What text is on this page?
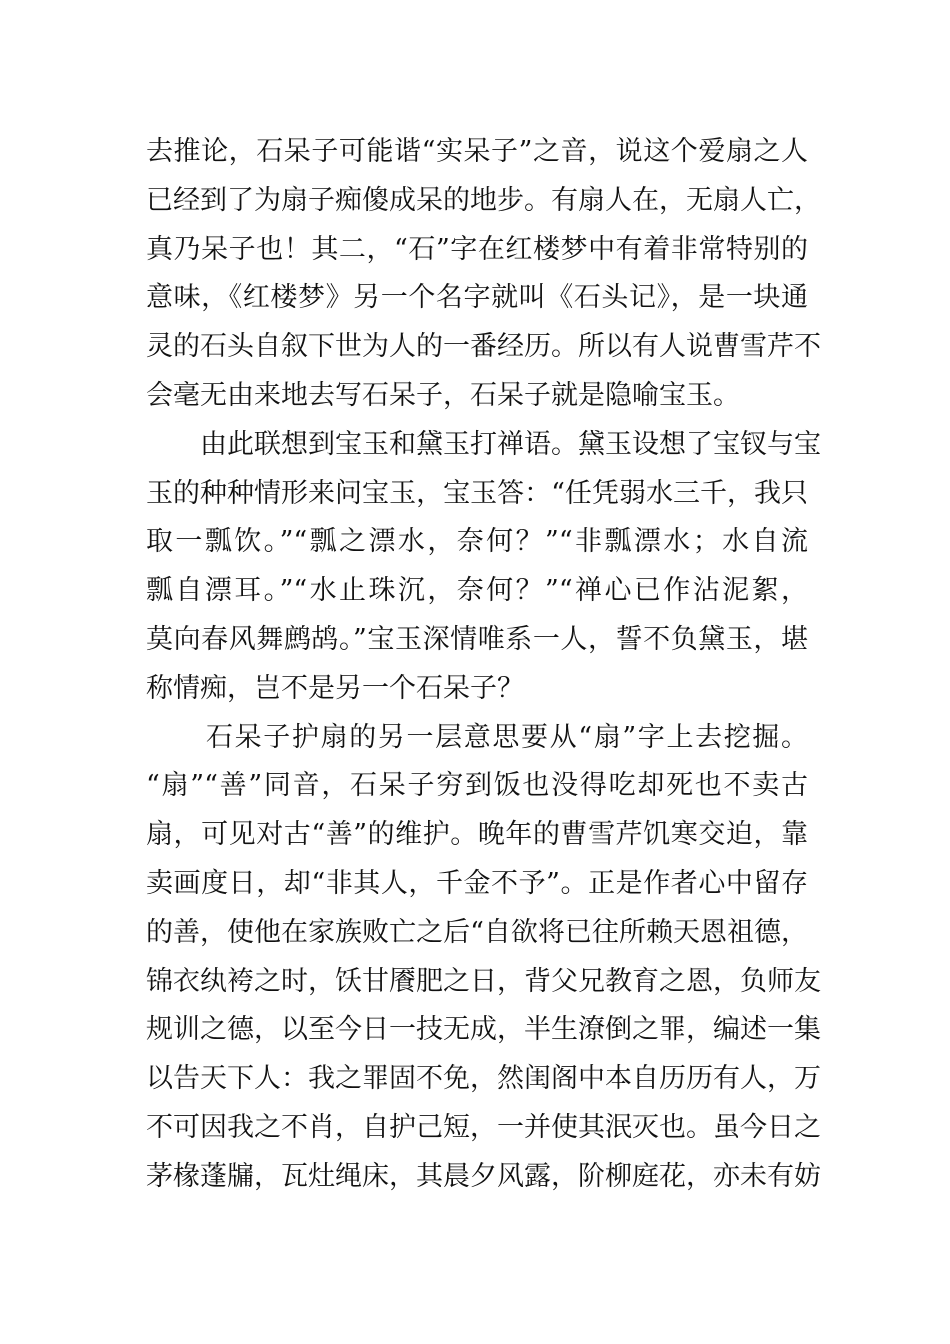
去推论，石呆子可能谐“实呆子”之音，说这个爱扇之人
已经到了为扇子痴傻成呆的地步。有扇人在，无扇人亡，
真乃呆子也！其二，“石”字在红楼梦中有着非常特别的
意味，《红楼梦》另一个名字就叫《石头记》，是一块通
灵的石头自叙下世为人的一番经历。所以有人说曹雪芹不
会毫无由来地去写石呆子，石呆子就是隐喻宝玉。
由此联想到宝玉和黛玉打禅语。黛玉设想了宝钗与宝
玉的种种情形来问宝玉，宝玉答：“任凭弱水三千，我只
取一瓢饮。”“瓢之漂水，奈何？”“非瓢漂水；水自流
瓢自漂耳。”“水止珠沉，奈何？”“禅心已作沾泥絮，
莫向春风舞鹧鸪。”宝玉深情唯系一人，誓不负黛玉，堪
称情痴，岂不是另一个石呆子？
石呆子护扇的另一层意思要从“扇”字上去挖掘。
“扇”“善”同音，石呆子穷到饭也没得吃却死也不卖古
扇，可见对古“善”的维护。晚年的曹雪芹饥寒交迫，靠
卖画度日，却“非其人，千金不予”。正是作者心中留存
的善，使他在家族败亡之后“自欲将已往所赖天恩祖德，
锦衣纨袴之时，饫甘餍肥之日，背父兄教育之恩，负师友
规训之德，以至今日一技无成，半生潦倒之罪，编述一集
以告天下人：我之罪固不免，然闺阁中本自历历有人，万
不可因我之不肖，自护己短，一并使其泯灭也。虽今日之
茅椽蓬牖，瓦灶绳床，其晨夕风露，阶柳庭花，亦未有妨
